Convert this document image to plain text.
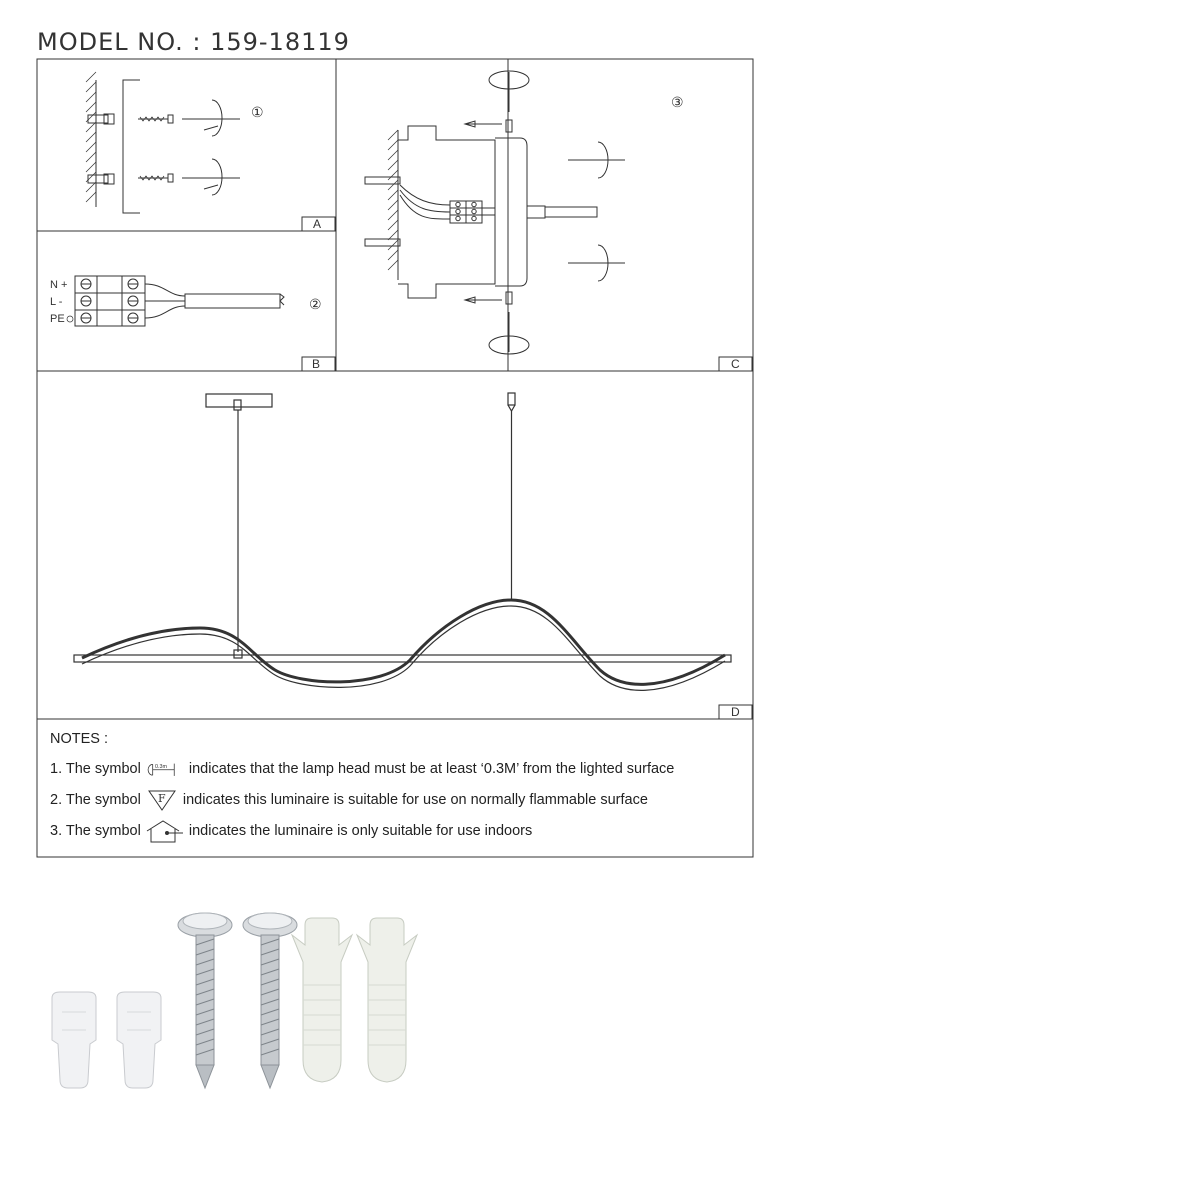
MODEL NO. : 159-18119
A
B	C
D
①
N +
L -
PE
②
③
NOTES :
1. The symbol 0.3m indicates that the lamp head must be at least ‘0.3M’ from the lighted surface
2. The symbol F indicates this luminaire is suitable for use on normally flammable surface
3. The symbol	indicates the luminaire is only suitable for use indoors
